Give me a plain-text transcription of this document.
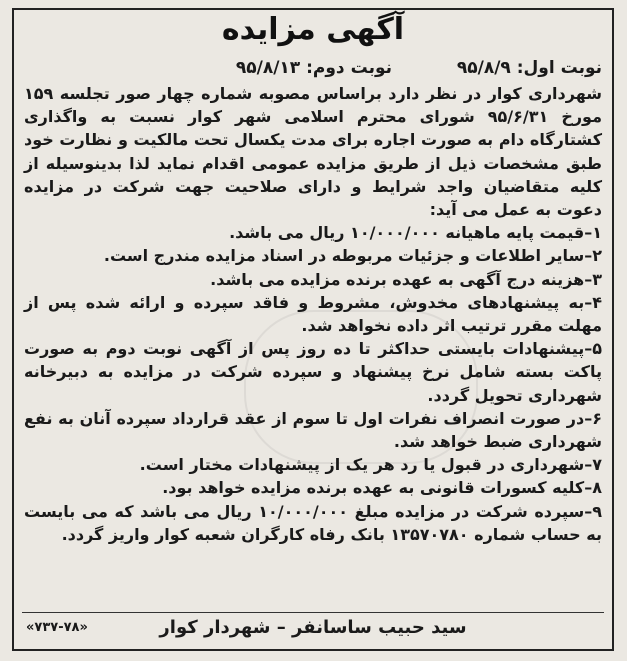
آگهی مزایده
نوبت اول: ۹۵/۸/۹
نوبت دوم: ۹۵/۸/۱۳

شهرداری کوار در نظر دارد براساس مصوبه شماره چهار صور تجلسه ۱۵۹ مورخ ۹۵/۶/۳۱ شورای محترم اسلامی شهر کوار نسبت به واگذاری کشتارگاه دام به صورت اجاره برای مدت یکسال تحت مالکیت و نظارت خود طبق مشخصات ذیل از طریق مزایده عمومی اقدام نماید لذا بدینوسیله از کلیه متقاضیان واجد شرایط و دارای صلاحیت جهت شرکت در مزایده دعوت به عمل می آید:

۱–قیمت پایه ماهیانه ۱۰/۰۰۰/۰۰۰ ریال می باشد.

۲–سایر اطلاعات و جزئیات مربوطه در اسناد مزایده مندرج است.

۳–هزینه درج آگهی به عهده برنده مزایده می باشد.

۴–به پیشنهادهای مخدوش، مشروط و فاقد سپرده و ارائه شده پس از مهلت مقرر ترتیب اثر داده نخواهد شد.

۵–پیشنهادات بایستی حداکثر تا ده روز پس از آگهی نوبت دوم به صورت پاکت بسته شامل نرخ پیشنهاد و سپرده شرکت در مزایده به دبیرخانه شهرداری تحویل گردد.

۶–در صورت انصراف نفرات اول تا سوم از عقد قرارداد سپرده آنان به نفع شهرداری ضبط خواهد شد.

۷–شهرداری در قبول یا رد هر یک از پیشنهادات مختار است.

۸–کلیه کسورات قانونی به عهده برنده مزایده خواهد بود.

۹–سپرده شرکت در مزایده مبلغ ۱۰/۰۰۰/۰۰۰ ریال می باشد که می بایست به حساب شماره ۱۳۵۷۰۷۸۰ بانک رفاه کارگران شعبه کوار واریز گردد.

سید حبیب ساسانفر – شهردار کوار
«۷۳۷-۷۸»
